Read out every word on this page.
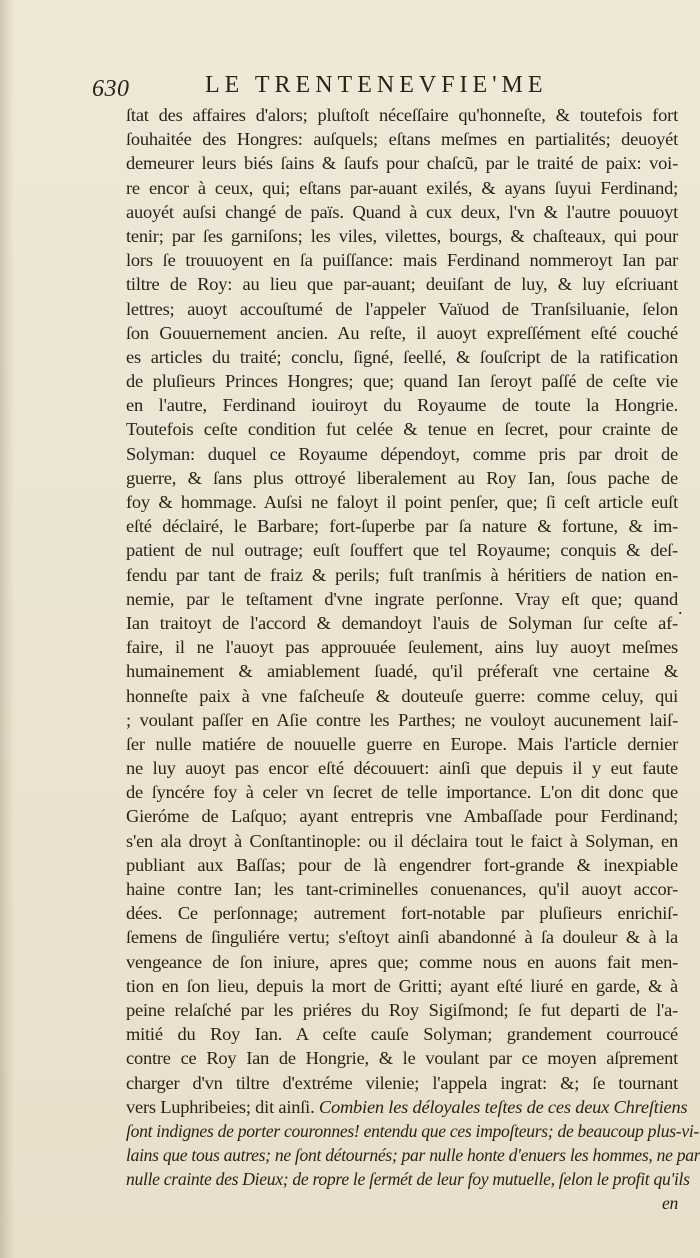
630	LE TRENTENEVFIE'ME
.
ſtat des affaires d'alors; pluſtoſt néceſſaire qu'honneſte, & toutefois fort
ſouhaitée des Hongres: auſquels; eſtans meſmes en partialités; deuoyét
demeurer leurs biés ſains & ſaufs pour chaſcũ, par le traité de paix: voi-
re encor à ceux, qui; eſtans par-auant exilés, & ayans ſuyui Ferdinand;
auoyét auſsi changé de païs. Quand à cux deux, l'vn & l'autre pouuoyt
tenir; par ſes garniſons; les viles, vilettes, bourgs, & chaſteaux, qui pour
lors ſe trouuoyent en ſa puiſſance: mais Ferdinand nommeroyt Ian par
tiltre de Roy: au lieu que par-auant; deuiſant de luy, & luy eſcriuant
lettres; auoyt accouſtumé de l'appeler Vaïuod de Tranſsiluanie, ſelon
ſon Gouuernement ancien. Au reſte, il auoyt expreſſément eſté couché
es articles du traité; conclu, ſigné, ſeellé, & ſouſcript de la ratification
de pluſieurs Princes Hongres; que; quand Ian ſeroyt paſſé de ceſte vie
en l'autre, Ferdinand iouiroyt du Royaume de toute la Hongrie.
Toutefois ceſte condition fut celée & tenue en ſecret, pour crainte de
Solyman: duquel ce Royaume dépendoyt, comme pris par droit de
guerre, & ſans plus ottroyé liberalement au Roy Ian, ſous pache de
foy & hommage. Auſsi ne faloyt il point penſer, que; ſi ceſt article euſt
eſté déclairé, le Barbare; fort-ſuperbe par ſa nature & fortune, & im-
patient de nul outrage; euſt ſouffert que tel Royaume; conquis & deſ-
fendu par tant de fraiz & perils; fuſt tranſmis à héritiers de nation en-
nemie, par le teſtament d'vne ingrate perſonne. Vray eſt que; quand
Ian traitoyt de l'accord & demandoyt l'auis de Solyman ſur ceſte af-
faire, il ne l'auoyt pas approuuée ſeulement, ains luy auoyt meſmes
humainement & amiablement ſuadé, qu'il préferaſt vne certaine &
honneſte paix à vne faſcheuſe & douteuſe guerre: comme celuy, qui
; voulant paſſer en Aſie contre les Parthes; ne vouloyt aucunement laiſ-
ſer nulle matiére de nouuelle guerre en Europe. Mais l'article dernier
ne luy auoyt pas encor eſté découuert: ainſi que depuis il y eut faute
de ſyncére foy à celer vn ſecret de telle importance. L'on dit donc que
Gieróme de Laſquo; ayant entrepris vne Ambaſſade pour Ferdinand;
s'en ala droyt à Conſtantinople: ou il déclaira tout le faict à Solyman, en
publiant aux Baſſas; pour de là engendrer fort-grande & inexpiable
haine contre Ian; les tant-criminelles conuenances, qu'il auoyt accor-
dées. Ce perſonnage; autrement fort-notable par pluſieurs enrichiſ-
ſemens de ſinguliére vertu; s'eſtoyt ainſi abandonné à ſa douleur & à la
vengeance de ſon iniure, apres que; comme nous en auons fait men-
tion en ſon lieu, depuis la mort de Gritti; ayant eſté liuré en garde, & à
peine relaſché par les priéres du Roy Sigiſmond; ſe fut departi de l'a-
mitié du Roy Ian. A ceſte cauſe Solyman; grandement courroucé
contre ce Roy Ian de Hongrie, & le voulant par ce moyen aſprement
charger d'vn tiltre d'extréme vilenie; l'appela ingrat: &; ſe tournant
vers Luphribeies; dit ainſi. Combien les déloyales teſtes de ces deux Chreſtiens
ſont indignes de porter couronnes! entendu que ces impoſteurs; de beaucoup plus-vi-
lains que tous autres; ne ſont détournés; par nulle honte d'enuers les hommes, ne par
nulle crainte des Dieux; de ropre le ſermét de leur foy mutuelle, ſelon le profit qu'ils
en
